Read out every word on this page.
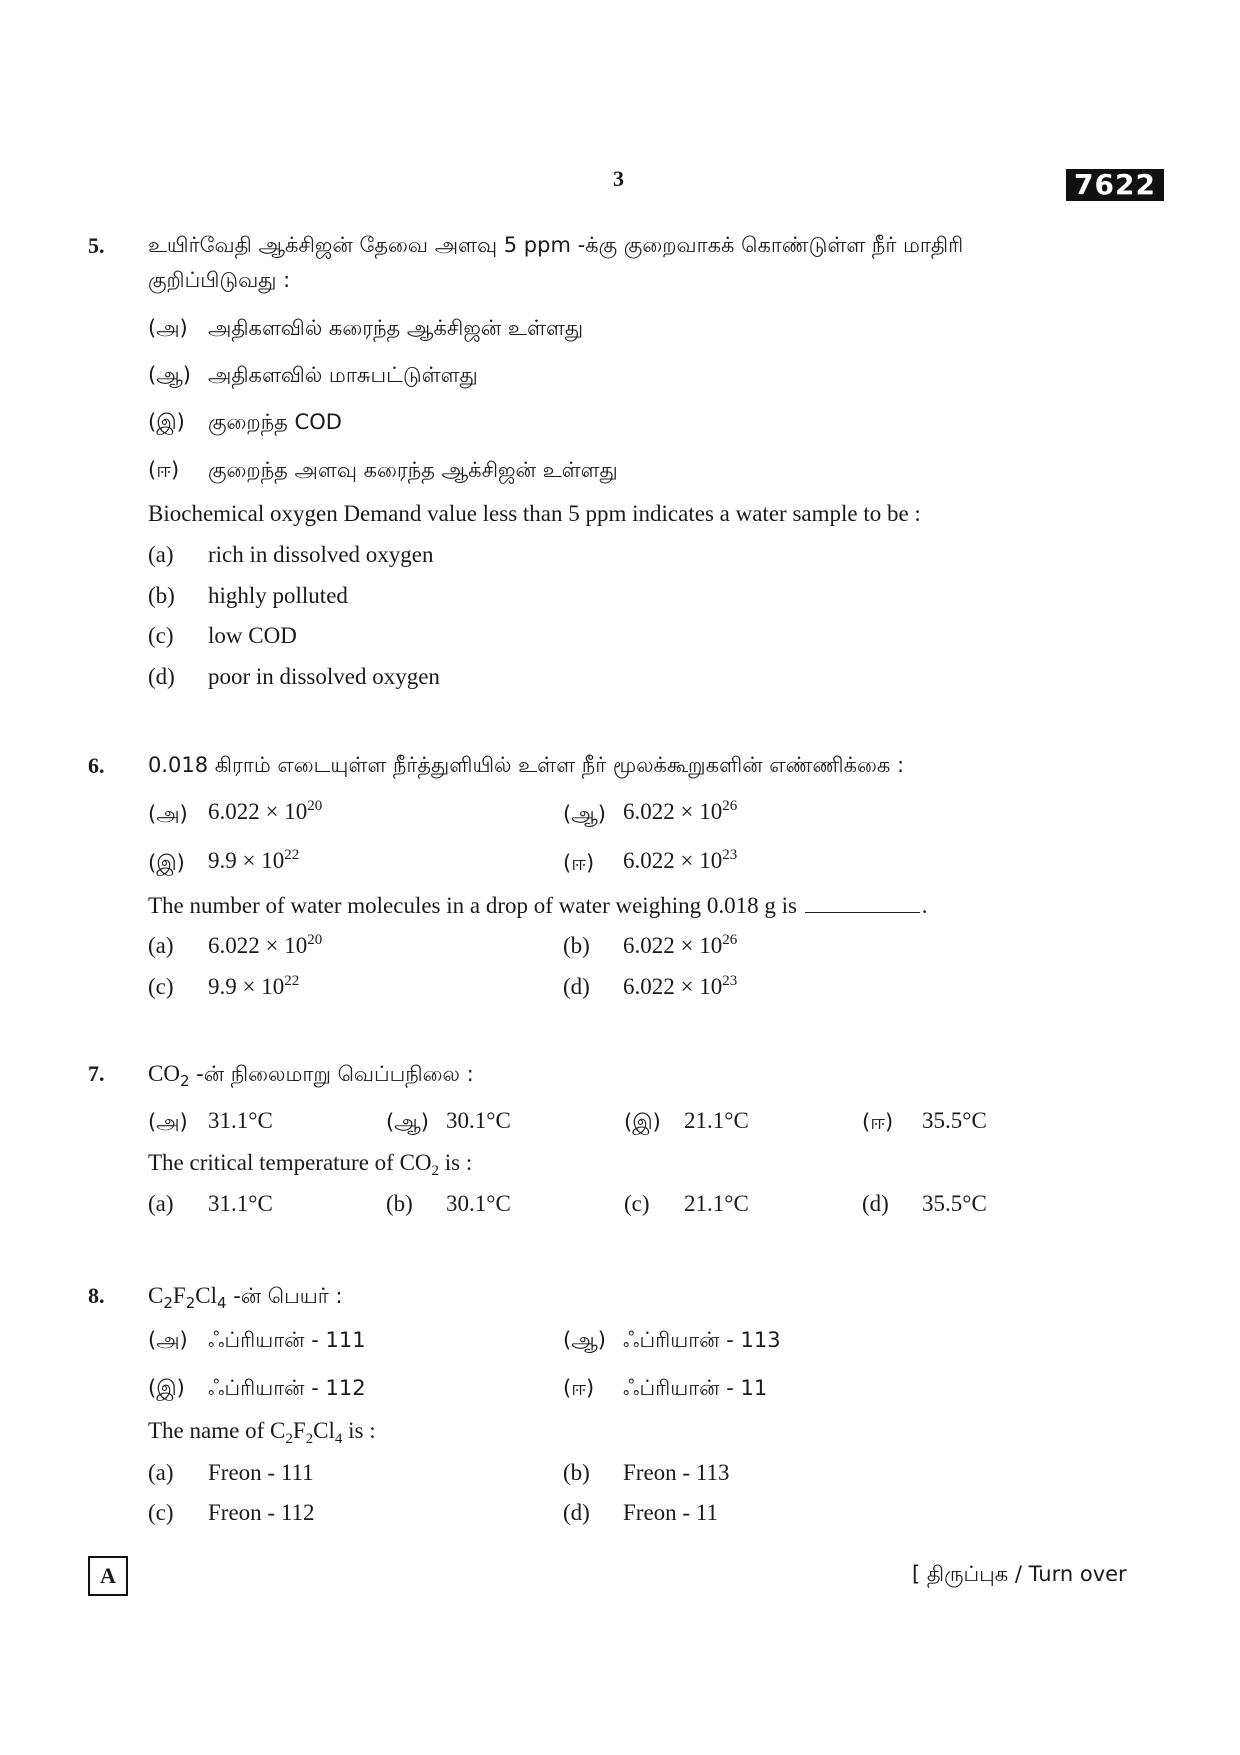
3	7622
5. உயிர்வேதி ஆக்சிஜன் தேவை அளவு 5 ppm -க்கு குறைவாகக் கொண்டுள்ள நீர் மாதிரி
குறிப்பிடுவது :
(அ) அதிகளவில் கரைந்த ஆக்சிஜன் உள்ளது
(ஆ) அதிகளவில் மாசுபட்டுள்ளது
(இ) குறைந்த COD
(ஈ) குறைந்த அளவு கரைந்த ஆக்சிஜன் உள்ளது
Biochemical oxygen Demand value less than 5 ppm indicates a water sample to be :
(a) rich in dissolved oxygen
(b) highly polluted
(c) low COD
(d) poor in dissolved oxygen
6. 0.018 கிராம் எடையுள்ள நீர்த்துளியில் உள்ள நீர் மூலக்கூறுகளின் எண்ணிக்கை :
(அ) $6.022 \times 10^{20}$	(ஆ) $6.022 \times 10^{26}$
(இ) $9.9 \times 10^{22}$	(ஈ) $6.022 \times 10^{23}$
The number of water molecules in a drop of water weighing 0.018 g is	.
(a) $6.022 \times 10^{20}$	(b) $6.022 \times 10^{26}$
(c) $9.9 \times 10^{22}$	(d) $6.022 \times 10^{23}$
7. $CO_2$ -ன் நிலைமாறு வெப்பநிலை :
(அ) 31.1°C	(ஆ) 30.1°C	(இ) 21.1°C	(ஈ) 35.5°C
The critical temperature of $CO_2$ is :
(a) 31.1°C	(b) 30.1°C	(c) 21.1°C	(d) 35.5°C
8. $C_2F_2Cl_4$ -ன் பெயர் :
(அ) ஃப்ரியான் - 111	(ஆ) ஃப்ரியான் - 113
(இ) ஃப்ரியான் - 112	(ஈ) ஃப்ரியான் - 11
The name of $C_2F_2Cl_4$ is :
(a) Freon - 111	(b) Freon - 113
(c) Freon - 112	(d) Freon - 11
A	[ திருப்புக / Turn over
